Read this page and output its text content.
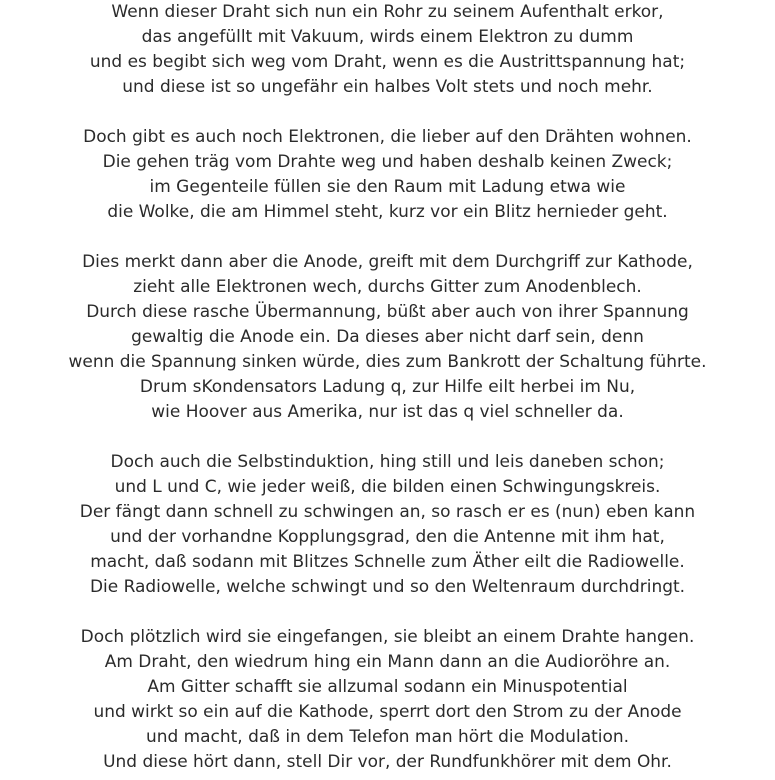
Wenn dieser Draht sich nun ein Rohr zu seinem Aufenthalt erkor,
das angefüllt mit Vakuum, wirds einem Elektron zu dumm
und es begibt sich weg vom Draht, wenn es die Austrittspannung hat;
und diese ist so ungefähr ein halbes Volt stets und noch mehr.
Doch gibt es auch noch Elektronen, die lieber auf den Drähten wohnen.
Die gehen träg vom Drahte weg und haben deshalb keinen Zweck;
im Gegenteile füllen sie den Raum mit Ladung etwa wie
die Wolke, die am Himmel steht, kurz vor ein Blitz hernieder geht.
Dies merkt dann aber die Anode, greift mit dem Durchgriff zur Kathode,
zieht alle Elektronen wech, durchs Gitter zum Anodenblech.
Durch diese rasche Übermannung, büßt aber auch von ihrer Spannung
gewaltig die Anode ein. Da dieses aber nicht darf sein, denn
wenn die Spannung sinken würde, dies zum Bankrott der Schaltung führte.
Drum sKondensators Ladung q, zur Hilfe eilt herbei im Nu,
wie Hoover aus Amerika, nur ist das q viel schneller da.
Doch auch die Selbstinduktion, hing still und leis daneben schon;
und L und C, wie jeder weiß, die bilden einen Schwingungskreis.
Der fängt dann schnell zu schwingen an, so rasch er es (nun) eben kann
und der vorhandne Kopplungsgrad, den die Antenne mit ihm hat,
macht, daß sodann mit Blitzes Schnelle zum Äther eilt die Radiowelle.
Die Radiowelle, welche schwingt und so den Weltenraum durchdringt.
Doch plötzlich wird sie eingefangen, sie bleibt an einem Drahte hangen.
Am Draht, den wiedrum hing ein Mann dann an die Audioröhre an.
Am Gitter schafft sie allzumal sodann ein Minuspotential
und wirkt so ein auf die Kathode, sperrt dort den Strom zu der Anode
und macht, daß in dem Telefon man hört die Modulation.
Und diese hört dann, stell Dir vor, der Rundfunkhörer mit dem Ohr.
